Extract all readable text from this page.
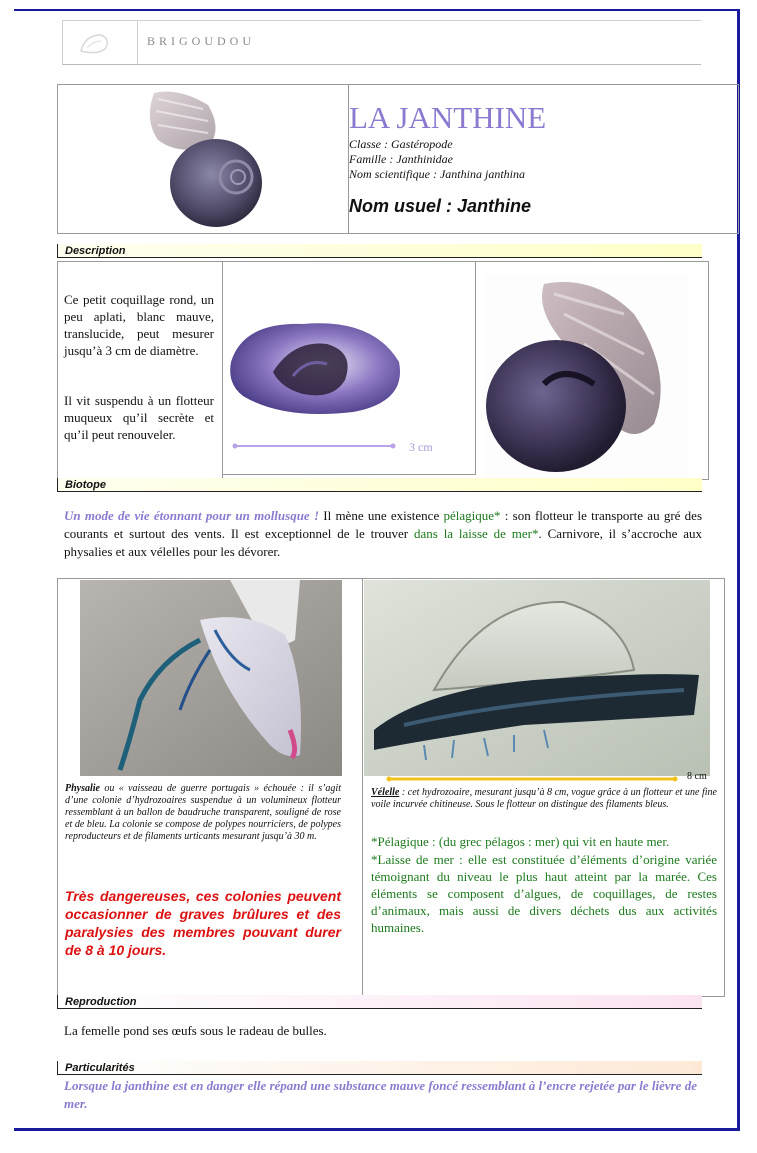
BRIGOUDOU
LA JANTHINE
Classe : Gastéropode
Famille : Janthinidae
Nom scientifique : Janthina janthina
Nom usuel : Janthine
Description
Ce petit coquillage rond, un peu aplati, blanc mauve, translucide, peut mesurer jusqu’à 3 cm de diamètre.
Il vit suspendu à un flotteur muqueux qu’il secrète et qu’il peut renouveler.
3 cm
Biotope
Un mode de vie étonnant pour un mollusque ! Il mène une existence pélagique* : son flotteur le transporte au gré des courants et surtout des vents. Il est exceptionnel de le trouver dans la laisse de mer*. Carnivore, il s’accroche aux physalies et aux vélelles pour les dévorer.
Physalie ou « vaisseau de guerre portugais » échouée : il s’agit d’une colonie d’hydrozoaires suspendue à un volumineux flotteur ressemblant à un ballon de baudruche transparent, souligné de rose et de bleu. La colonie se compose de polypes nourriciers, de polypes reproducteurs et de filaments urticants mesurant jusqu’à 30 m.
Très dangereuses, ces colonies peuvent occasionner de graves brûlures et des paralysies des membres pouvant durer de 8 à 10 jours.
8 cm
Vélelle : cet hydrozoaire, mesurant jusqu’à 8 cm, vogue grâce à un flotteur et une fine voile incurvée chitineuse. Sous le flotteur on distingue des filaments bleus.
*Pélagique : (du grec pélagos : mer) qui vit en haute mer.
*Laisse de mer : elle est constituée d’éléments d’origine variée témoignant du niveau le plus haut atteint par la marée. Ces éléments se composent d’algues, de coquillages, de restes d’animaux, mais aussi de divers déchets dus aux activités humaines.
Reproduction
La femelle pond ses œufs sous le radeau de bulles.
Particularités
Lorsque la janthine est en danger elle répand une substance mauve foncé ressemblant à l’encre rejetée par le lièvre de mer.
